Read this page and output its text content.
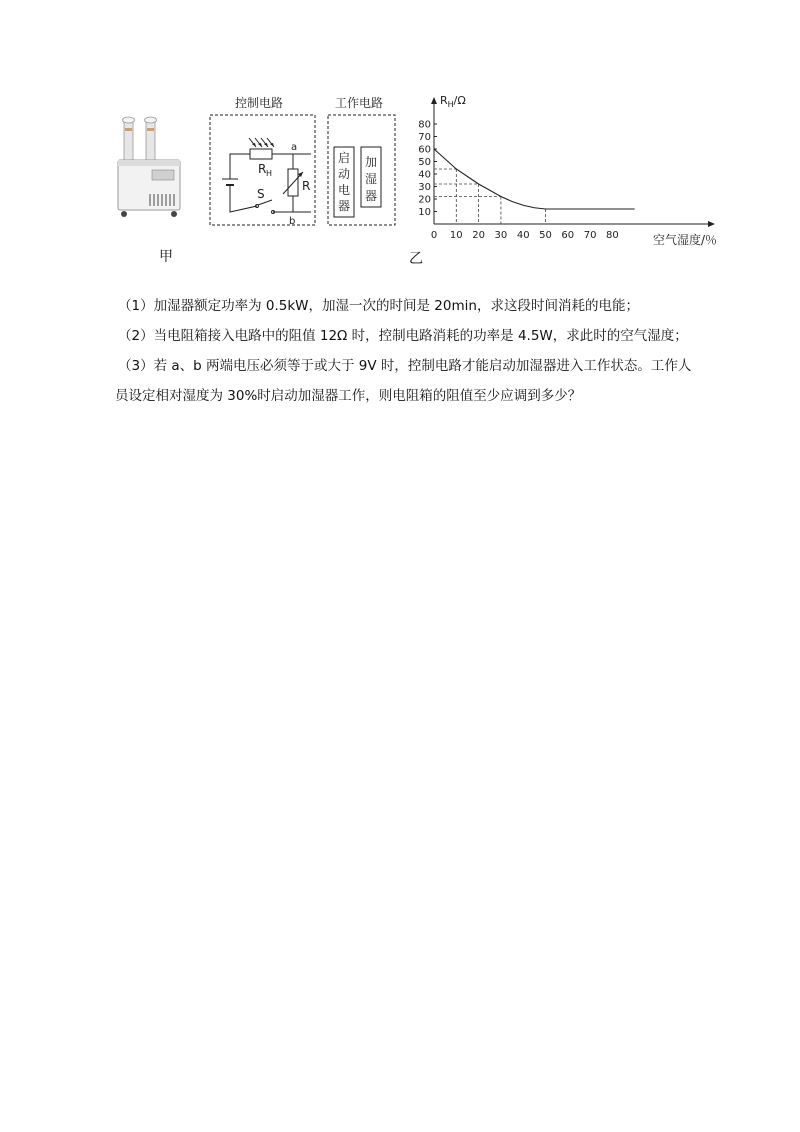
甲
控制电路	工作电路
R H
R
S
a
b
启
动
电
器
加
湿
器
10
20
30
40
50
60
70
80
0 10 20 30 40 50 60 70 80
$R_H/\Omega$
空气湿度/％
乙
（1）加湿器额定功率为 0.5kW，加湿一次的时间是 20min，求这段时间消耗的电能；
（2）当电阻箱接入电路中的阻值 12Ω 时，控制电路消耗的功率是 4.5W，求此时的空气湿度；
（3）若 a、b 两端电压必须等于或大于 9V 时，控制电路才能启动加湿器进入工作状态。工作人
员设定相对湿度为 30%时启动加湿器工作，则电阻箱的阻值至少应调到多少？
